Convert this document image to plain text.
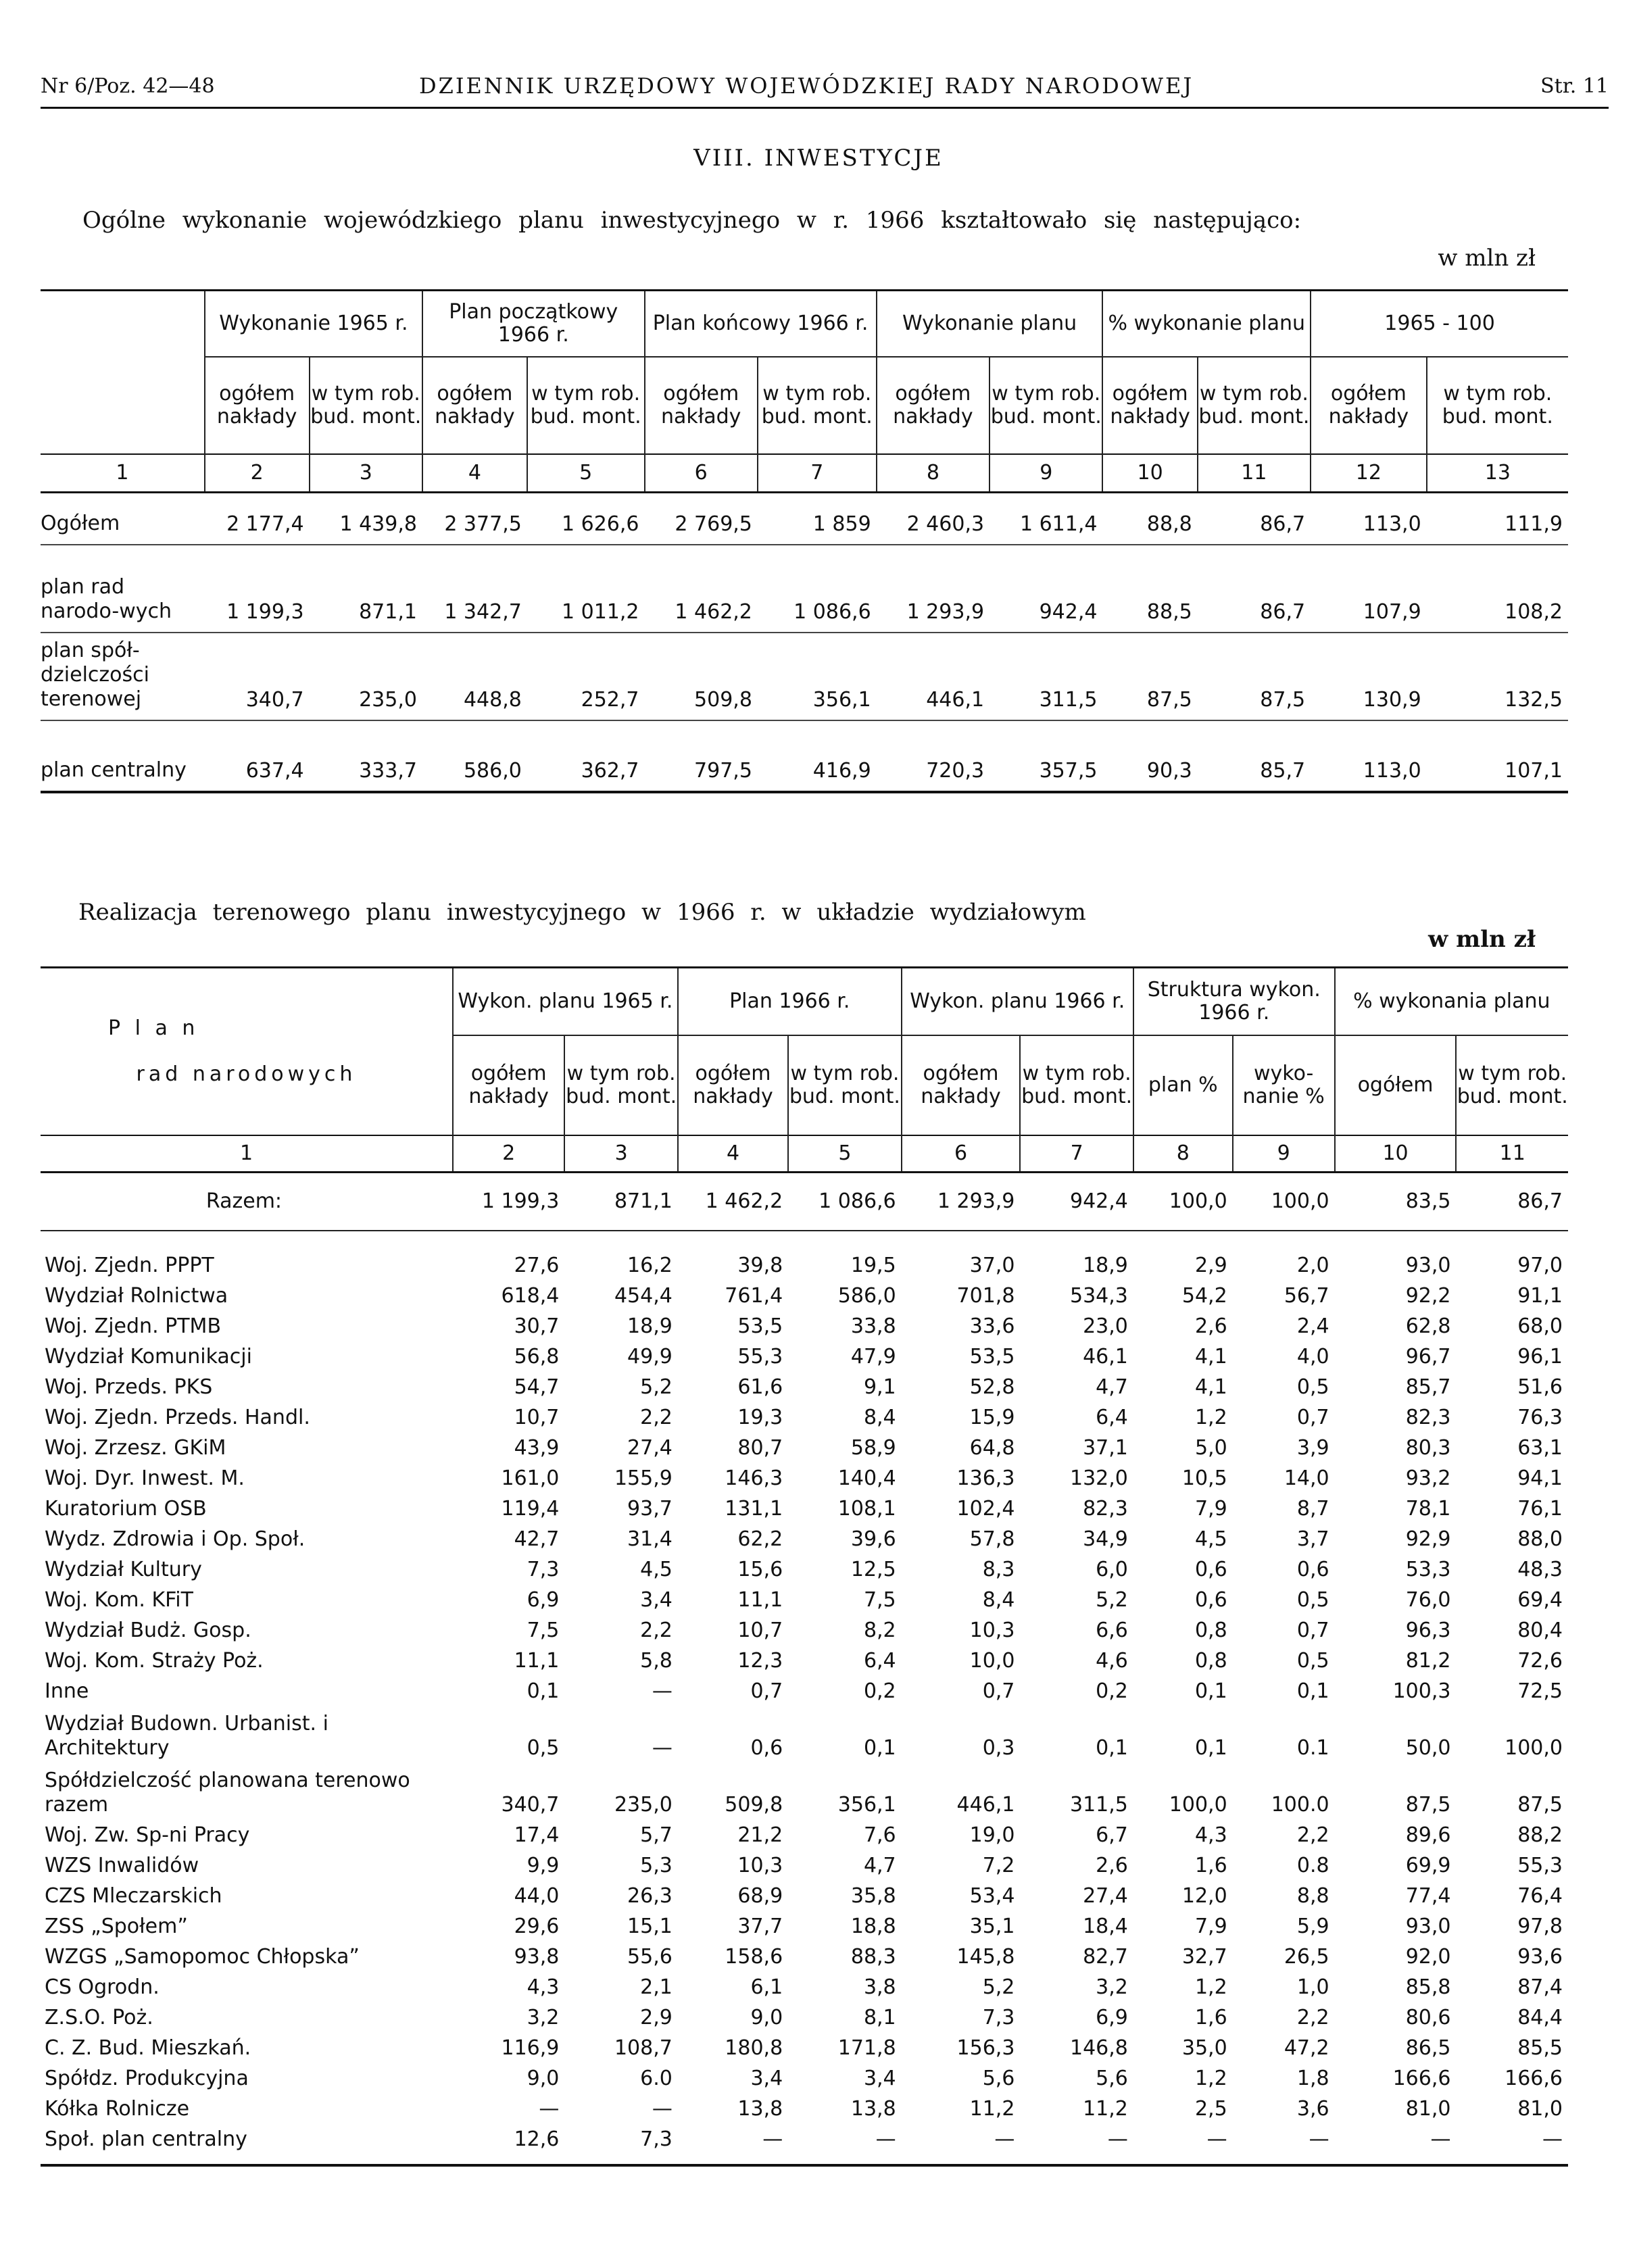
Nr 6/Poz. 42—48	DZIENNIK URZĘDOWY WOJEWÓDZKIEJ RADY NARODOWEJ	Str. 11
VIII. INWESTYCJE
Ogólne wykonanie wojewódzkiego planu inwestycyjnego w r. 1966 kształtowało się następująco:
w mln zł
	Wykonanie 1965 r.		Plan początkowy 1966 r.		Plan końcowy 1966 r.		Wykonanie planu		% wykonanie planu		1965 - 100	
	ogółem nakłady	w tym rob. bud. mont.	ogółem nakłady	w tym rob. bud. mont.	ogółem nakłady	w tym rob. bud. mont.	ogółem nakłady	w tym rob. bud. mont.	ogółem nakłady	w tym rob. bud. mont.	ogółem nakłady	w tym rob. bud. mont.
1	2	3	4	5	6	7	8	9	10	11	12	13
Ogółem	2 177,4	1 439,8	2 377,5	1 626,6	2 769,5	1 859	2 460,3	1 611,4	88,8	86,7	113,0	111,9
plan rad narodo-wych	1 199,3	871,1	1 342,7	1 011,2	1 462,2	1 086,6	1 293,9	942,4	88,5	86,7	107,9	108,2
plan spół-dzielczości terenowej	340,7	235,0	448,8	252,7	509,8	356,1	446,1	311,5	87,5	87,5	130,9	132,5
plan centralny	637,4	333,7	586,0	362,7	797,5	416,9	720,3	357,5	90,3	85,7	113,0	107,1
Realizacja terenowego planu inwestycyjnego w 1966 r. w układzie wydziałowym
w mln zł
P l a n
rad narodowych	Wykon. planu 1965 r.		Plan 1966 r.		Wykon. planu 1966 r.		Struktura wykon. 1966 r.		% wykonania planu	
	ogółem nakłady	w tym rob. bud. mont.	ogółem nakłady	w tym rob. bud. mont.	ogółem nakłady	w tym rob. bud. mont.	plan %	wyko-nanie %	ogółem	w tym rob. bud. mont.
1	2	3	4	5	6	7	8	9	10	11
Razem:	1 199,3	871,1	1 462,2	1 086,6	1 293,9	942,4	100,0	100,0	83,5	86,7
Woj. Zjedn. PPPT	27,6	16,2	39,8	19,5	37,0	18,9	2,9	2,0	93,0	97,0
Wydział Rolnictwa	618,4	454,4	761,4	586,0	701,8	534,3	54,2	56,7	92,2	91,1
Woj. Zjedn. PTMB	30,7	18,9	53,5	33,8	33,6	23,0	2,6	2,4	62,8	68,0
Wydział Komunikacji	56,8	49,9	55,3	47,9	53,5	46,1	4,1	4,0	96,7	96,1
Woj. Przeds. PKS	54,7	5,2	61,6	9,1	52,8	4,7	4,1	0,5	85,7	51,6
Woj. Zjedn. Przeds. Handl.	10,7	2,2	19,3	8,4	15,9	6,4	1,2	0,7	82,3	76,3
Woj. Zrzesz. GKiM	43,9	27,4	80,7	58,9	64,8	37,1	5,0	3,9	80,3	63,1
Woj. Dyr. Inwest. M.	161,0	155,9	146,3	140,4	136,3	132,0	10,5	14,0	93,2	94,1
Kuratorium OSB	119,4	93,7	131,1	108,1	102,4	82,3	7,9	8,7	78,1	76,1
Wydz. Zdrowia i Op. Społ.	42,7	31,4	62,2	39,6	57,8	34,9	4,5	3,7	92,9	88,0
Wydział Kultury	7,3	4,5	15,6	12,5	8,3	6,0	0,6	0,6	53,3	48,3
Woj. Kom. KFiT	6,9	3,4	11,1	7,5	8,4	5,2	0,6	0,5	76,0	69,4
Wydział Budż. Gosp.	7,5	2,2	10,7	8,2	10,3	6,6	0,8	0,7	96,3	80,4
Woj. Kom. Straży Poż.	11,1	5,8	12,3	6,4	10,0	4,6	0,8	0,5	81,2	72,6
Inne	0,1	—	0,7	0,2	0,7	0,2	0,1	0,1	100,3	72,5
Wydział Budown. Urbanist. i Architektury	0,5	—	0,6	0,1	0,3	0,1	0,1	0.1	50,0	100,0
Spółdzielczość planowana terenowo razem	340,7	235,0	509,8	356,1	446,1	311,5	100,0	100.0	87,5	87,5
Woj. Zw. Sp-ni Pracy	17,4	5,7	21,2	7,6	19,0	6,7	4,3	2,2	89,6	88,2
WZS Inwalidów	9,9	5,3	10,3	4,7	7,2	2,6	1,6	0.8	69,9	55,3
CZS Mleczarskich	44,0	26,3	68,9	35,8	53,4	27,4	12,0	8,8	77,4	76,4
ZSS „Społem”	29,6	15,1	37,7	18,8	35,1	18,4	7,9	5,9	93,0	97,8
WZGS „Samopomoc Chłopska”	93,8	55,6	158,6	88,3	145,8	82,7	32,7	26,5	92,0	93,6
CS Ogrodn.	4,3	2,1	6,1	3,8	5,2	3,2	1,2	1,0	85,8	87,4
Z.S.O. Poż.	3,2	2,9	9,0	8,1	7,3	6,9	1,6	2,2	80,6	84,4
C. Z. Bud. Mieszkań.	116,9	108,7	180,8	171,8	156,3	146,8	35,0	47,2	86,5	85,5
Spółdz. Produkcyjna	9,0	6.0	3,4	3,4	5,6	5,6	1,2	1,8	166,6	166,6
Kółka Rolnicze	—	—	13,8	13,8	11,2	11,2	2,5	3,6	81,0	81,0
Społ. plan centralny	12,6	7,3	—	—	—	—	—	—	—	—
